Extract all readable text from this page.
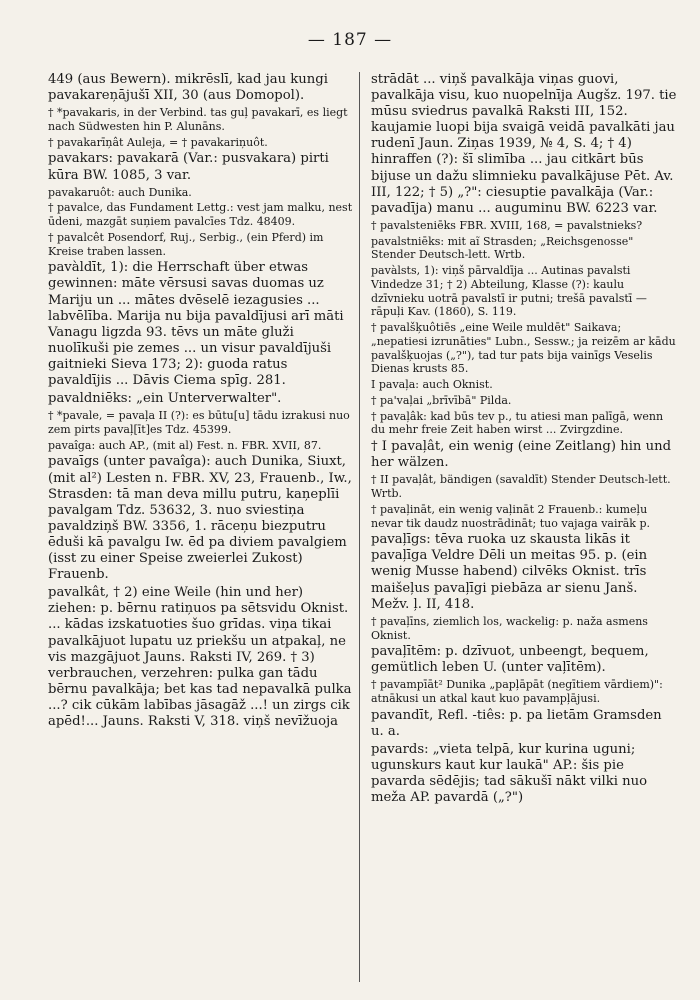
— 187 —

449 (aus Bewern). mikrēslī, kad jau kungi pavakareņājušī XII, 30 (aus Domopol).

† *pavakaris, in der Verbind. tas guļ pavakarī, es liegt nach Südwesten hin P. Alunāns.

† pavakarīņât Auleja, = † pavakariņuôt.

pavakars: pavakarā (Var.: pusvakara) pirti kūra BW. 1085, 3 var.

pavakaruôt: auch Dunika.

† pavalce, das Fundament Lettg.: vest jam malku, nest ūdeni, mazgāt suņiem pavalcīes Tdz. 48409.

† pavalcêt Posendorf, Ruj., Serbig., (ein Pferd) im Kreise traben lassen.

pavàldīt, 1): die Herrschaft über etwas gewinnen: māte vērsusi savas duomas uz Mariju un ... mātes dvēselē iezagusies ... labvēlība. Marija nu bija pavaldījusi arī māti Vanagu ligzda 93. tēvs un māte gluži nuolīkuši pie zemes ... un visur pavaldījuši gaitnieki Sieva 173; 2): guoda ratus pavaldījis ... Dāvis Ciema spīg. 281.

pavaldniēks: „ein Unterverwalter".

† *pavale, = pavaļa II (?): es būtu[u] tādu izrakusi nuo zem pirts pavaļ[īt]es Tdz. 45399.

pavaîga: auch AP., (mit al) Fest. n. FBR. XVII, 87.

pavaīgs (unter pavaîga): auch Dunika, Siuxt, (mit al²) Lesten n. FBR. XV, 23, Frauenb., Iw., Strasden: tā man deva millu putru, kaņeplīi pavalgam Tdz. 53632, 3. nuo sviestiņa pavaldziņš BW. 3356, 1. rāceņu biezputru ēduši kā pavalgu Iw. ēd pa diviem pavalgiem (isst zu einer Speise zweierlei Zukost) Frauenb.

pavalkât, † 2) eine Weile (hin und her) ziehen: p. bērnu ratiņuos pa sētsvidu Oknist. ... kādas izskatuoties šuo grīdas. viņa tikai pavalkājuot lupatu uz priekšu un atpakaļ, ne vis mazgājuot Jauns. Raksti IV, 269. † 3) verbrauchen, verzehren: pulka gan tādu bērnu pavalkāja; bet kas tad nepavalkā pulka ...? cik cūkām labības jāsagāž ...! un zirgs cik apēd!... Jauns. Raksti V, 318. viņš nevīžuoja

strādāt ... viņš pavalkāja viņas guovi, pavalkāja visu, kuo nuopelnīja Augšz. 197. tie mūsu sviedrus pavalkā Raksti III, 152. kaujamie luopi bija svaigā veidā pavalkāti jau rudenī Jaun. Ziņas 1939, № 4, S. 4; † 4) hinraffen (?): šī slimība ... jau citkārt būs bijuse un dažu slimnieku pavalkājuse Pēt. Av. III, 122; † 5) „?": ciesuptie pavalkāja (Var.: pavadīja) manu ... auguminu BW. 6223 var.

† pavalsteniēks FBR. XVIII, 168, = pavalstnieks?

pavalstniēks: mit aĩ Strasden; „Reichsgenosse" Stender Deutsch-lett. Wrtb.

pavàlsts, 1): viņš pārvaldīja ... Autinas pavalsti Vindedze 31; † 2) Abteilung, Klasse (?): kaulu dzīvnieku uotrā pavalstī ir putni; trešā pavalstī — rāpuļi Kav. (1860), S. 119.

† pavalšķuôtiēs „eine Weile muldēt" Saikava; „nepatiesi izrunāties" Lubn., Sessw.; ja reizēm ar kādu pavalšķuojas („?"), tad tur pats bija vainīgs Veselis Dienas krusts 85.

I pavaļa: auch Oknist.

† pa'vaļai „brīvībā" Pilda.

† pavaļâk: kad būs tev p., tu atiesi man palīgā, wenn du mehr freie Zeit haben wirst ... Zvirgzdine.

† I pavaļât, ein wenig (eine Zeitlang) hin und her wälzen.

† II pavaļât, bändigen (savaldīt) Stender Deutsch-lett. Wrtb.

† pavaļināt, ein wenig vaļināt 2 Frauenb.: kumeļu nevar tik daudz nuostrādināt; tuo vajaga vairāk p.

pavaļīgs: tēva ruoka uz skausta likās it pavaļīga Veldre Dēli un meitas 95. p. (ein wenig Musse habend) cilvēks Oknist. trīs maišeļus pavaļīgi piebāza ar sienu Janš. Mežv. ļ. II, 418.

† pavaļīns, ziemlich los, wackelig: p. naža asmens Oknist.

pavaļītēm: p. dzīvuot, unbeengt, bequem, gemütlich leben U. (unter vaļītēm).

† pavampīāt² Dunika „papļāpāt (negītiem vārdiem)": atnākusi un atkal kaut kuo pavampļājusi.

pavandīt, Refl. -tiês: p. pa lietām Gramsden u. a.

pavards: „vieta telpā, kur kurina uguni; ugunskurs kaut kur laukā" AP.: šis pie pavarda sēdējis; tad sākušī nākt vilki nuo meža AP. pavardā („?")
